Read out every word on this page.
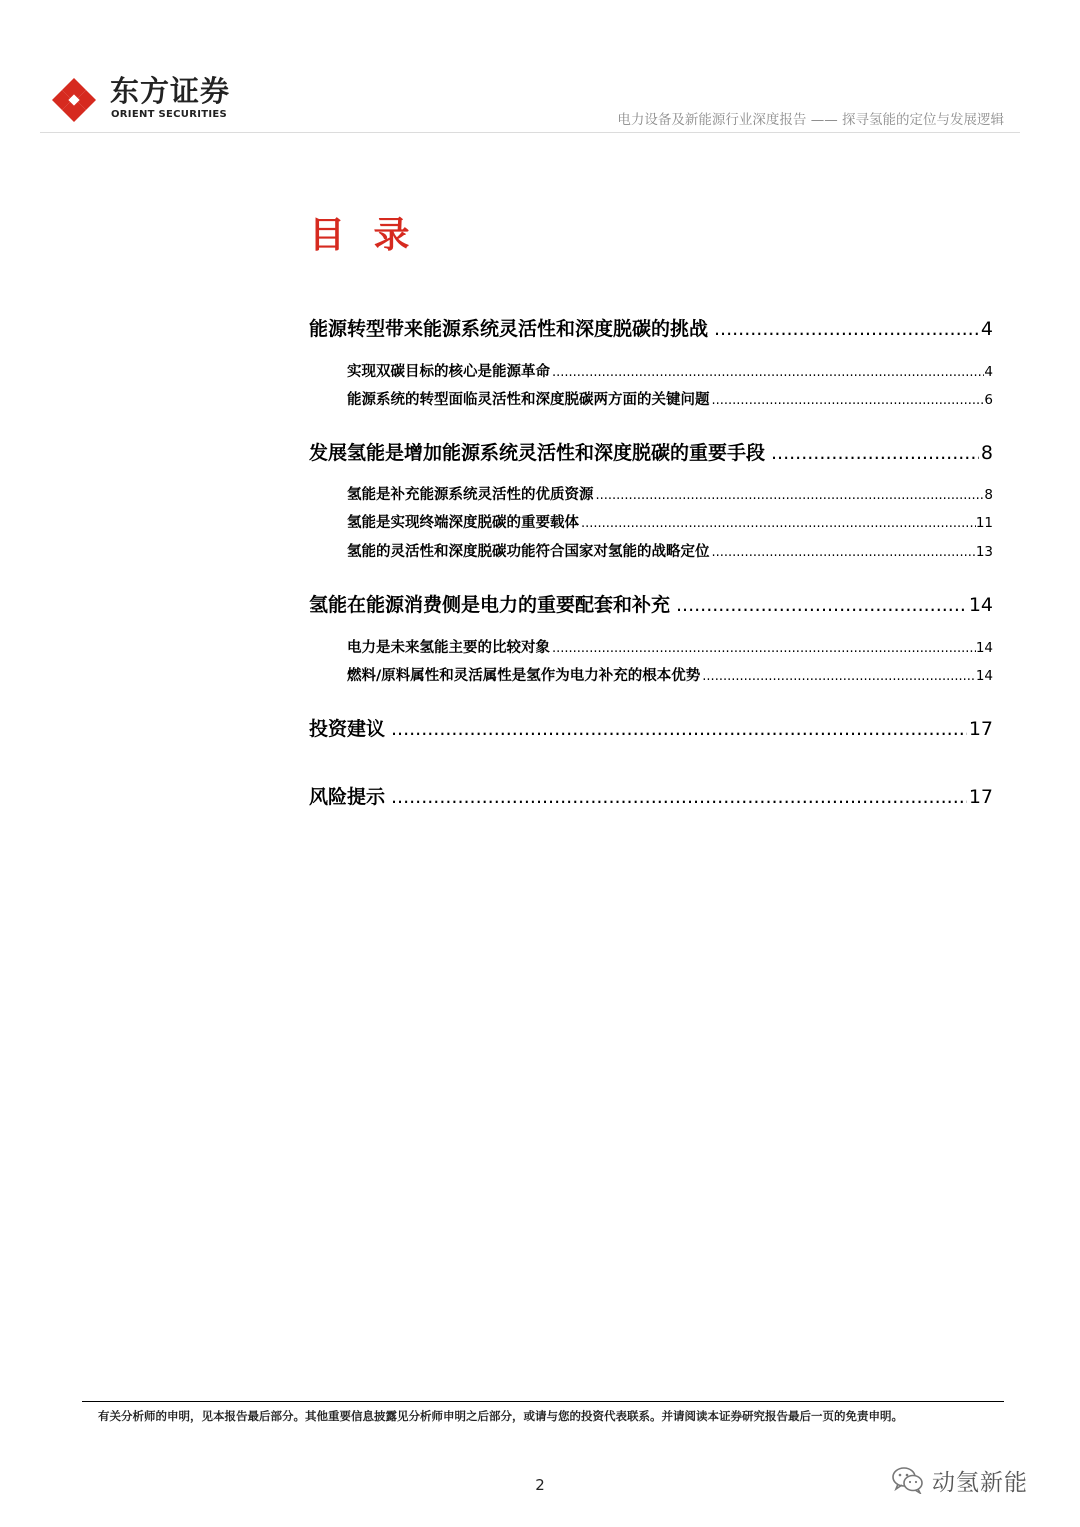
东方证券
ORIENT SECURITIES	电力设备及新能源行业深度报告 —— 探寻氢能的定位与发展逻辑
目 录
能源转型带来能源系统灵活性和深度脱碳的挑战 .....	4
实现双碳目标的核心是能源革命 .....	4
能源系统的转型面临灵活性和深度脱碳两方面的关键问题 .....	6
发展氢能是增加能源系统灵活性和深度脱碳的重要手段 .....	8
氢能是补充能源系统灵活性的优质资源 .....	8
氢能是实现终端深度脱碳的重要载体 .....	11
氢能的灵活性和深度脱碳功能符合国家对氢能的战略定位 .....	13
氢能在能源消费侧是电力的重要配套和补充 .....	14
电力是未来氢能主要的比较对象 .....	14
燃料/原料属性和灵活属性是氢作为电力补充的根本优势 .....	14
投资建议 .....	17
风险提示 .....	17
有关分析师的申明，见本报告最后部分。其他重要信息披露见分析师申明之后部分，或请与您的投资代表联系。并请阅读本证券研究报告最后一页的免责申明。
2	动氢新能
